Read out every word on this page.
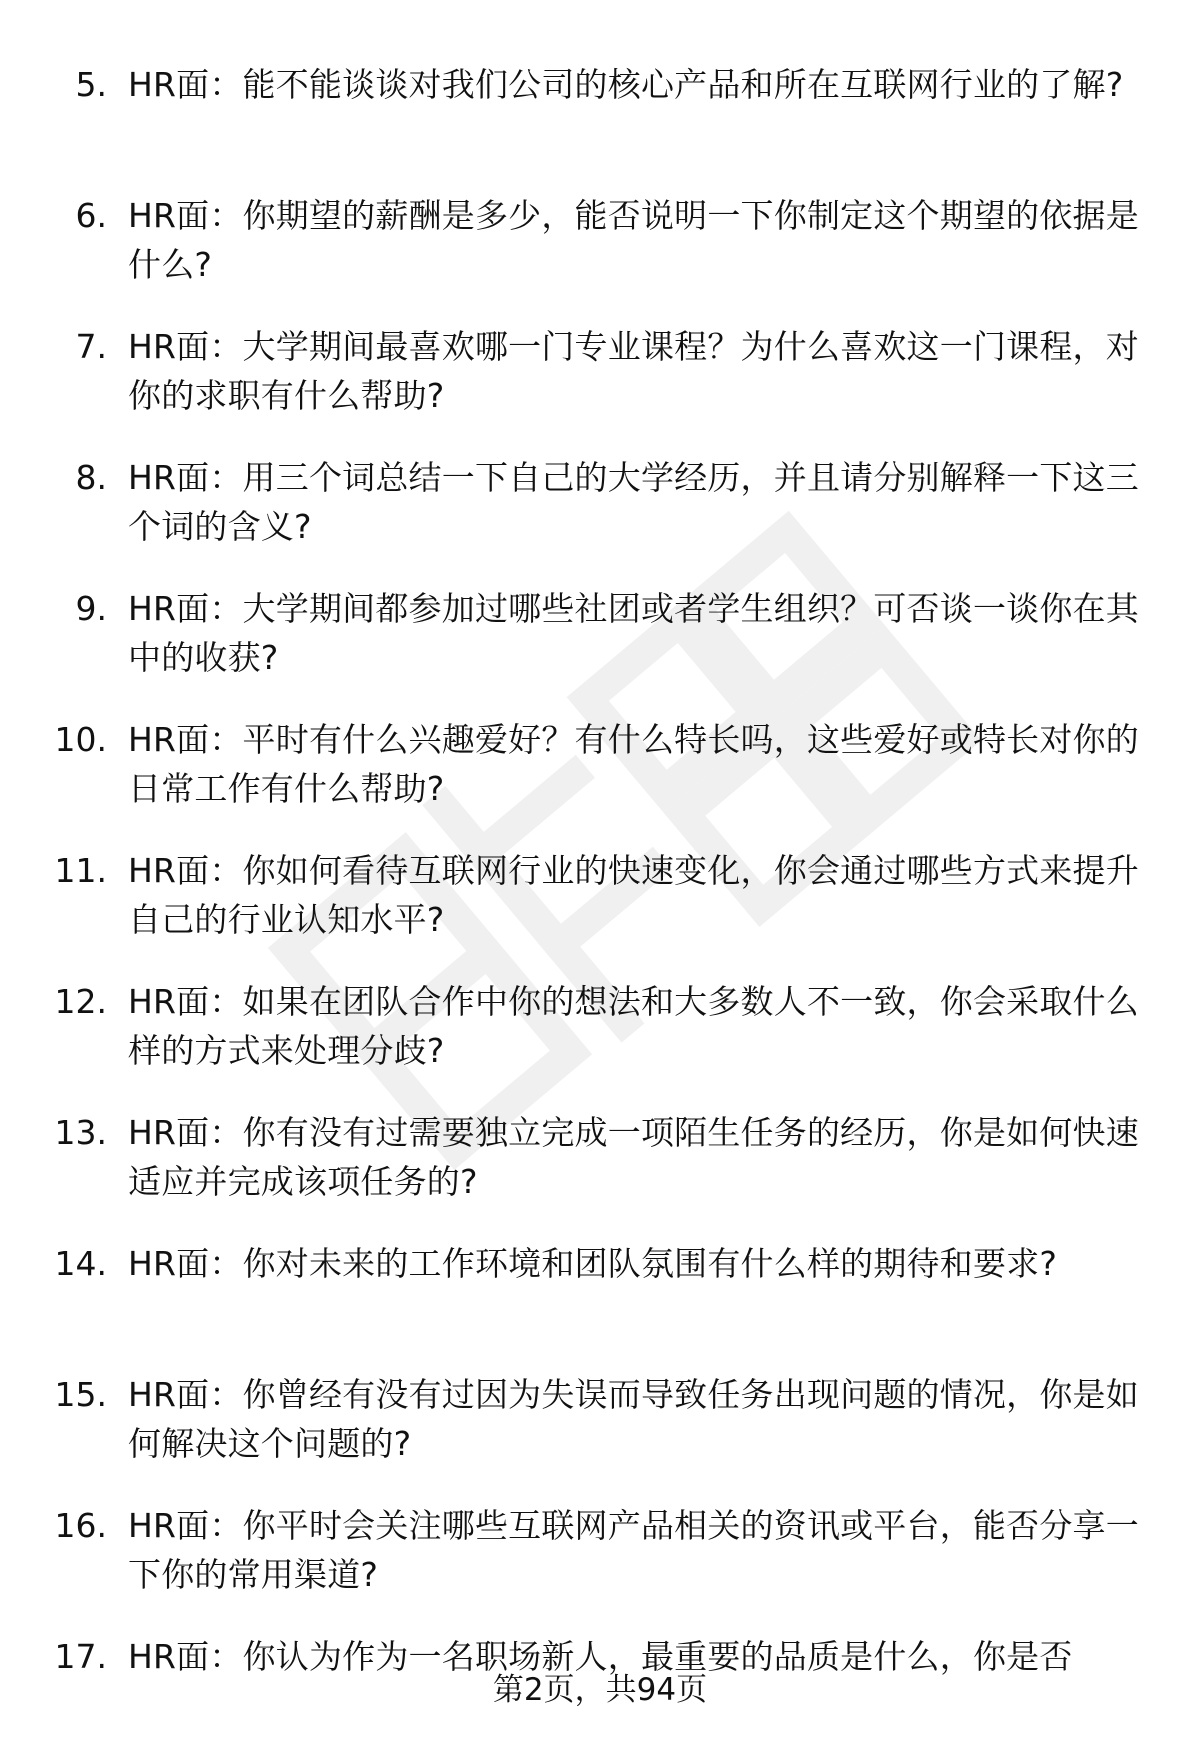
5. HR面：能不能谈谈对我们公司的核心产品和所在互联网行业的了解?
6. HR面：你期望的薪酬是多少，能否说明一下你制定这个期望的依据是什么?
7. HR面：大学期间最喜欢哪一门专业课程？为什么喜欢这一门课程，对你的求职有什么帮助?
8. HR面：用三个词总结一下自己的大学经历，并且请分别解释一下这三个词的含义?
9. HR面：大学期间都参加过哪些社团或者学生组织？可否谈一谈你在其中的收获?
10. HR面：平时有什么兴趣爱好？有什么特长吗，这些爱好或特长对你的日常工作有什么帮助?
11. HR面：你如何看待互联网行业的快速变化，你会通过哪些方式来提升自己的行业认知水平?
12. HR面：如果在团队合作中你的想法和大多数人不一致，你会采取什么样的方式来处理分歧?
13. HR面：你有没有过需要独立完成一项陌生任务的经历，你是如何快速适应并完成该项任务的?
14. HR面：你对未来的工作环境和团队氛围有什么样的期待和要求?
15. HR面：你曾经有没有过因为失误而导致任务出现问题的情况，你是如何解决这个问题的?
16. HR面：你平时会关注哪些互联网产品相关的资讯或平台，能否分享一下你的常用渠道?
17. HR面：你认为作为一名职场新人，最重要的品质是什么，你是否
第2页，共94页
